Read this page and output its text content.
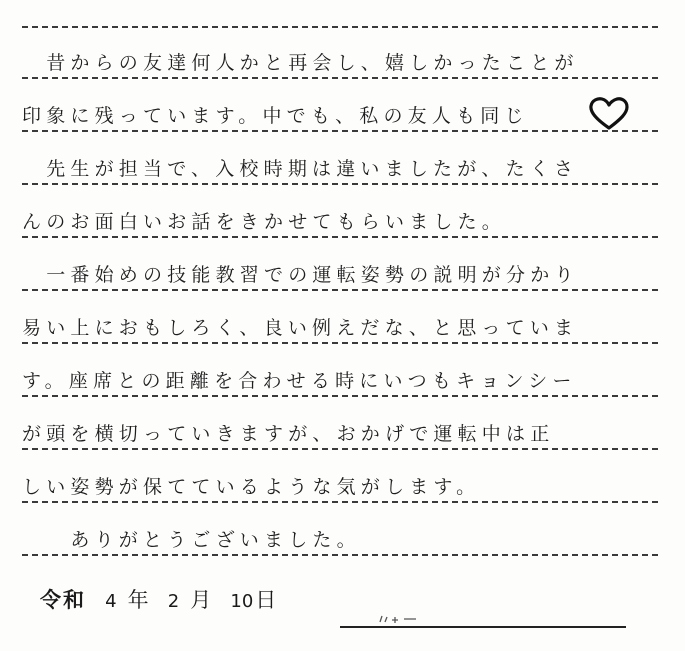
　昔からの友達何人かと再会し、嬉しかったことが
印象に残っています。中でも、私の友人も同じ
　先生が担当で、入校時期は違いましたが、たくさ
んのお面白いお話をきかせてもらいました。
　一番始めの技能教習での運転姿勢の説明が分かり
易い上におもしろく、良い例えだな、と思っていま
す。座席との距離を合わせる時にいつもキョンシー
が頭を横切っていきますが、おかげで運転中は正
しい姿勢が保てているような気がします。
　　ありがとうございました。
令和 4 年 2 月 10日
